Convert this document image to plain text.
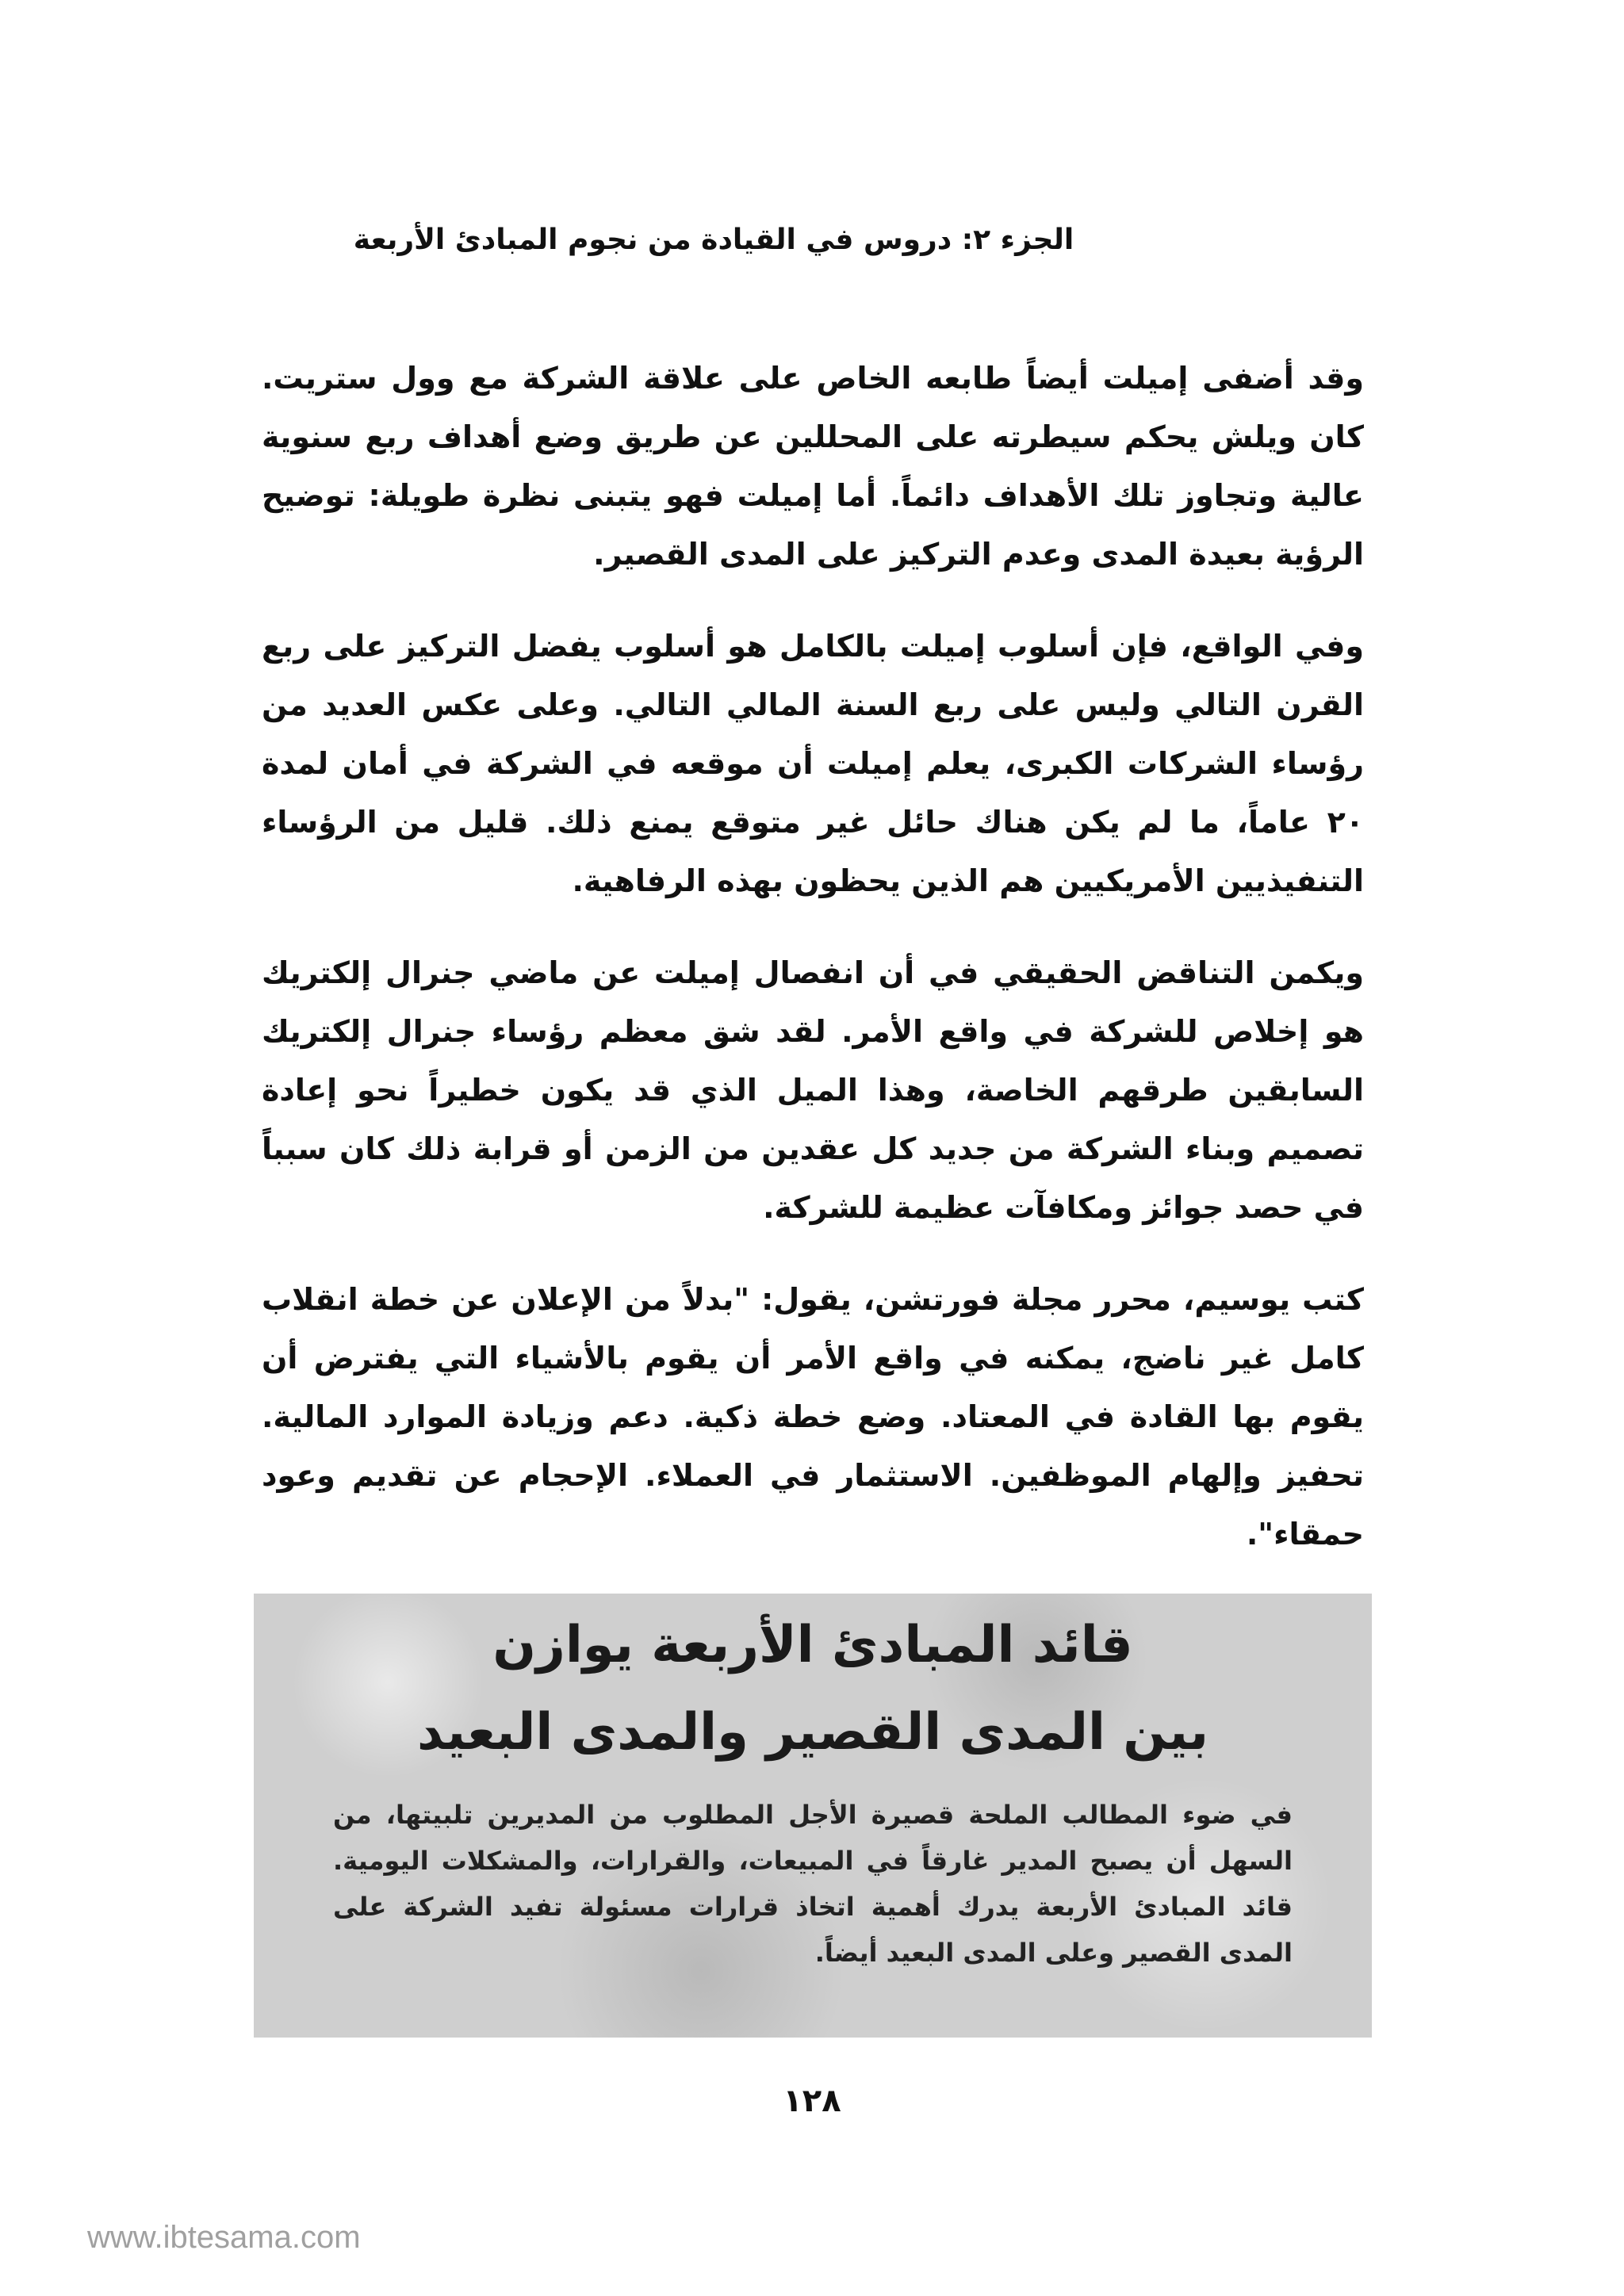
الجزء ٢: دروس في القيادة من نجوم المبادئ الأربعة

وقد أضفى إميلت أيضاً طابعه الخاص على علاقة الشركة مع وول ستريت. كان ويلش يحكم سيطرته على المحللين عن طريق وضع أهداف ربع سنوية عالية وتجاوز تلك الأهداف دائماً. أما إميلت فهو يتبنى نظرة طويلة: توضيح الرؤية بعيدة المدى وعدم التركيز على المدى القصير.

وفي الواقع، فإن أسلوب إميلت بالكامل هو أسلوب يفضل التركيز على ربع القرن التالي وليس على ربع السنة المالي التالي. وعلى عكس العديد من رؤساء الشركات الكبرى، يعلم إميلت أن موقعه في الشركة في أمان لمدة ٢٠ عاماً، ما لم يكن هناك حائل غير متوقع يمنع ذلك. قليل من الرؤساء التنفيذيين الأمريكيين هم الذين يحظون بهذه الرفاهية.

ويكمن التناقض الحقيقي في أن انفصال إميلت عن ماضي جنرال إلكتريك هو إخلاص للشركة في واقع الأمر. لقد شق معظم رؤساء جنرال إلكتريك السابقين طرقهم الخاصة، وهذا الميل الذي قد يكون خطيراً نحو إعادة تصميم وبناء الشركة من جديد كل عقدين من الزمن أو قرابة ذلك كان سبباً في حصد جوائز ومكافآت عظيمة للشركة.

كتب يوسيم، محرر مجلة فورتشن، يقول: "بدلاً من الإعلان عن خطة انقلاب كامل غير ناضج، يمكنه في واقع الأمر أن يقوم بالأشياء التي يفترض أن يقوم بها القادة في المعتاد. وضع خطة ذكية. دعم وزيادة الموارد المالية. تحفيز وإلهام الموظفين. الاستثمار في العملاء. الإحجام عن تقديم وعود حمقاء".

قائد المبادئ الأربعة يوازن
بين المدى القصير والمدى البعيد
في ضوء المطالب الملحة قصيرة الأجل المطلوب من المديرين تلبيتها، من السهل أن يصبح المدير غارقاً في المبيعات، والقرارات، والمشكلات اليومية. قائد المبادئ الأربعة يدرك أهمية اتخاذ قرارات مسئولة تفيد الشركة على المدى القصير وعلى المدى البعيد أيضاً.
١٢٨
www.ibtesama.com
